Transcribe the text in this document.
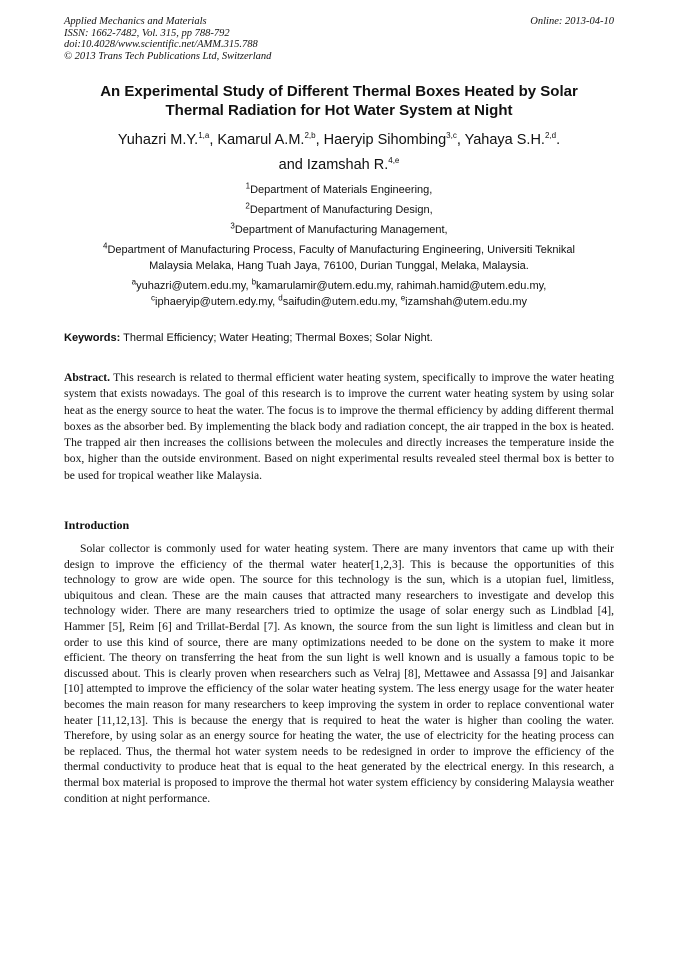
Applied Mechanics and Materials
ISSN: 1662-7482, Vol. 315, pp 788-792
doi:10.4028/www.scientific.net/AMM.315.788
© 2013 Trans Tech Publications Ltd, Switzerland
Online: 2013-04-10
An Experimental Study of Different Thermal Boxes Heated by Solar
Thermal Radiation for Hot Water System at Night
Yuhazri M.Y.$^{1,a}$, Kamarul A.M.$^{2,b}$, Haeryip Sihombing$^{3,c}$, Yahaya S.H.$^{2,d}$.
and Izamshah R.$^{4,e}$
$^1$Department of Materials Engineering,
$^2$Department of Manufacturing Design,
$^3$Department of Manufacturing Management,
$^4$Department of Manufacturing Process, Faculty of Manufacturing Engineering, Universiti Teknikal
Malaysia Melaka, Hang Tuah Jaya, 76100, Durian Tunggal, Melaka, Malaysia.
$^a$yuhazri@utem.edu.my, $^b$kamarulamir@utem.edu.my, rahimah.hamid@utem.edu.my,
$^c$iphaeryip@utem.edy.my, $^d$saifudin@utem.edu.my, $^e$izamshah@utem.edu.my
Keywords: Thermal Efficiency; Water Heating; Thermal Boxes; Solar Night.
Abstract. This research is related to thermal efficient water heating system, specifically to improve the water heating system that exists nowadays. The goal of this research is to improve the current water heating system by using solar heat as the energy source to heat the water. The focus is to improve the thermal efficiency by adding different thermal boxes as the absorber bed. By implementing the black body and radiation concept, the air trapped in the box is heated. The trapped air then increases the collisions between the molecules and directly increases the temperature inside the box, higher than the outside environment. Based on night experimental results revealed steel thermal box is better to be used for tropical weather like Malaysia.
Introduction

Solar collector is commonly used for water heating system. There are many inventors that came up with their design to improve the efficiency of the thermal water heater[1,2,3]. This is because the opportunities of this technology to grow are wide open. The source for this technology is the sun, which is a utopian fuel, limitless, ubiquitous and clean. These are the main causes that attracted many researchers to investigate and develop this technology wider. There are many researchers tried to optimize the usage of solar energy such as Lindblad [4], Hammer [5], Reim [6] and Trillat-Berdal [7]. As known, the source from the sun light is limitless and clean but in order to use this kind of source, there are many optimizations needed to be done on the system to make it more efficient. The theory on transferring the heat from the sun light is well known and is usually a famous topic to be discussed about. This is clearly proven when researchers such as Velraj [8], Mettawee and Assassa [9] and Jaisankar [10] attempted to improve the efficiency of the solar water heating system. The less energy usage for the water heater becomes the main reason for many researchers to keep improving the system in order to replace conventional water heater [11,12,13]. This is because the energy that is required to heat the water is higher than cooling the water. Therefore, by using solar as an energy source for heating the water, the use of electricity for the heating process can be replaced. Thus, the thermal hot water system needs to be redesigned in order to improve the efficiency of the thermal conductivity to produce heat that is equal to the heat generated by the electrical energy. In this research, a thermal box material is proposed to improve the thermal hot water system efficiency by considering Malaysia weather condition at night performance.
